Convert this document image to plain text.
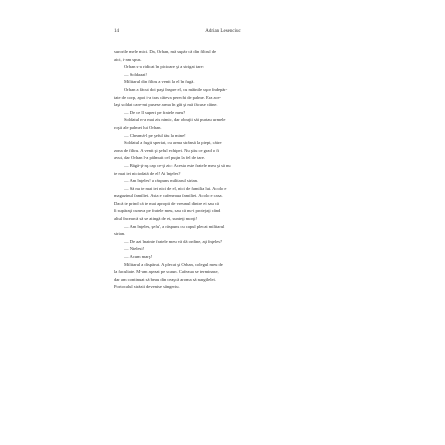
14	Adrian Lesenciuc
surorile mele mici. Da, Orhan, mă supăr că din filtrul de
aici, i-am spus.
Orhan s-a ridicat în picioare şi a strigat tare:
— Soldaaat!
Militarul din filtru a venit la el în fugă.
Orhan a făcut doi paşi înspre el, cu mâinile uşor îndepăr-
tate de corp, apoi i-a tras câteva perechi de palme. Era ace-
laşi soldat care-mi pusese arma în gât şi mă făcuse câine.
— De ce îl superi pe fratele meu?
Soldatul n-a mai zis nimic, dar obrajii săi purtau urmele
roşii ale palmei lui Orhan.
— Cheamă-l pe şeful tău la mine!
Soldatul a fugit speriat, cu arma strânsă la piept, către
zona de filtru. A venit şi şeful echipei. Nu ştiu ce grad o fi
avut, dar Orhan l-a pălmuit cel puţin la fel de tare.
— Băgă-ţi-aş cap ce-ţi zic: Acesta este fratele meu şi să nu
te mai iei niciodată de el! Ai înţeles?
— Am înţeles! a răspuns militarul sirian.
— Să nu te mai iei nici de el, nici de familia lui. Acolo e
magazinul familiei. Asta e cafeneaua familiei. Acolo e casa.
Dacă te prind că te mai apropii de vreunul dintre ei sau că
îi supăraţi cumva pe fratele meu, sau că nu-i protejaţi când
altul încearcă să se atingă de ei, sunteţi morţi!
— Am înţeles, şefu', a răspuns cu capul plecat militarul
sirian.
— De azi înainte fratele meu vă dă ordine, aţi înţeles?
— Ntelesi!
— Acum marş!
Militarul a dispărut. A plecat şi Orhan, colegul meu de
la facultate. M-am aşezat pe scaun. Cafeaua se terminase,
dar am continuat să beau din ceaşcă aroma să nargilelei.
Portocalul străzii devenise sângeriu.
